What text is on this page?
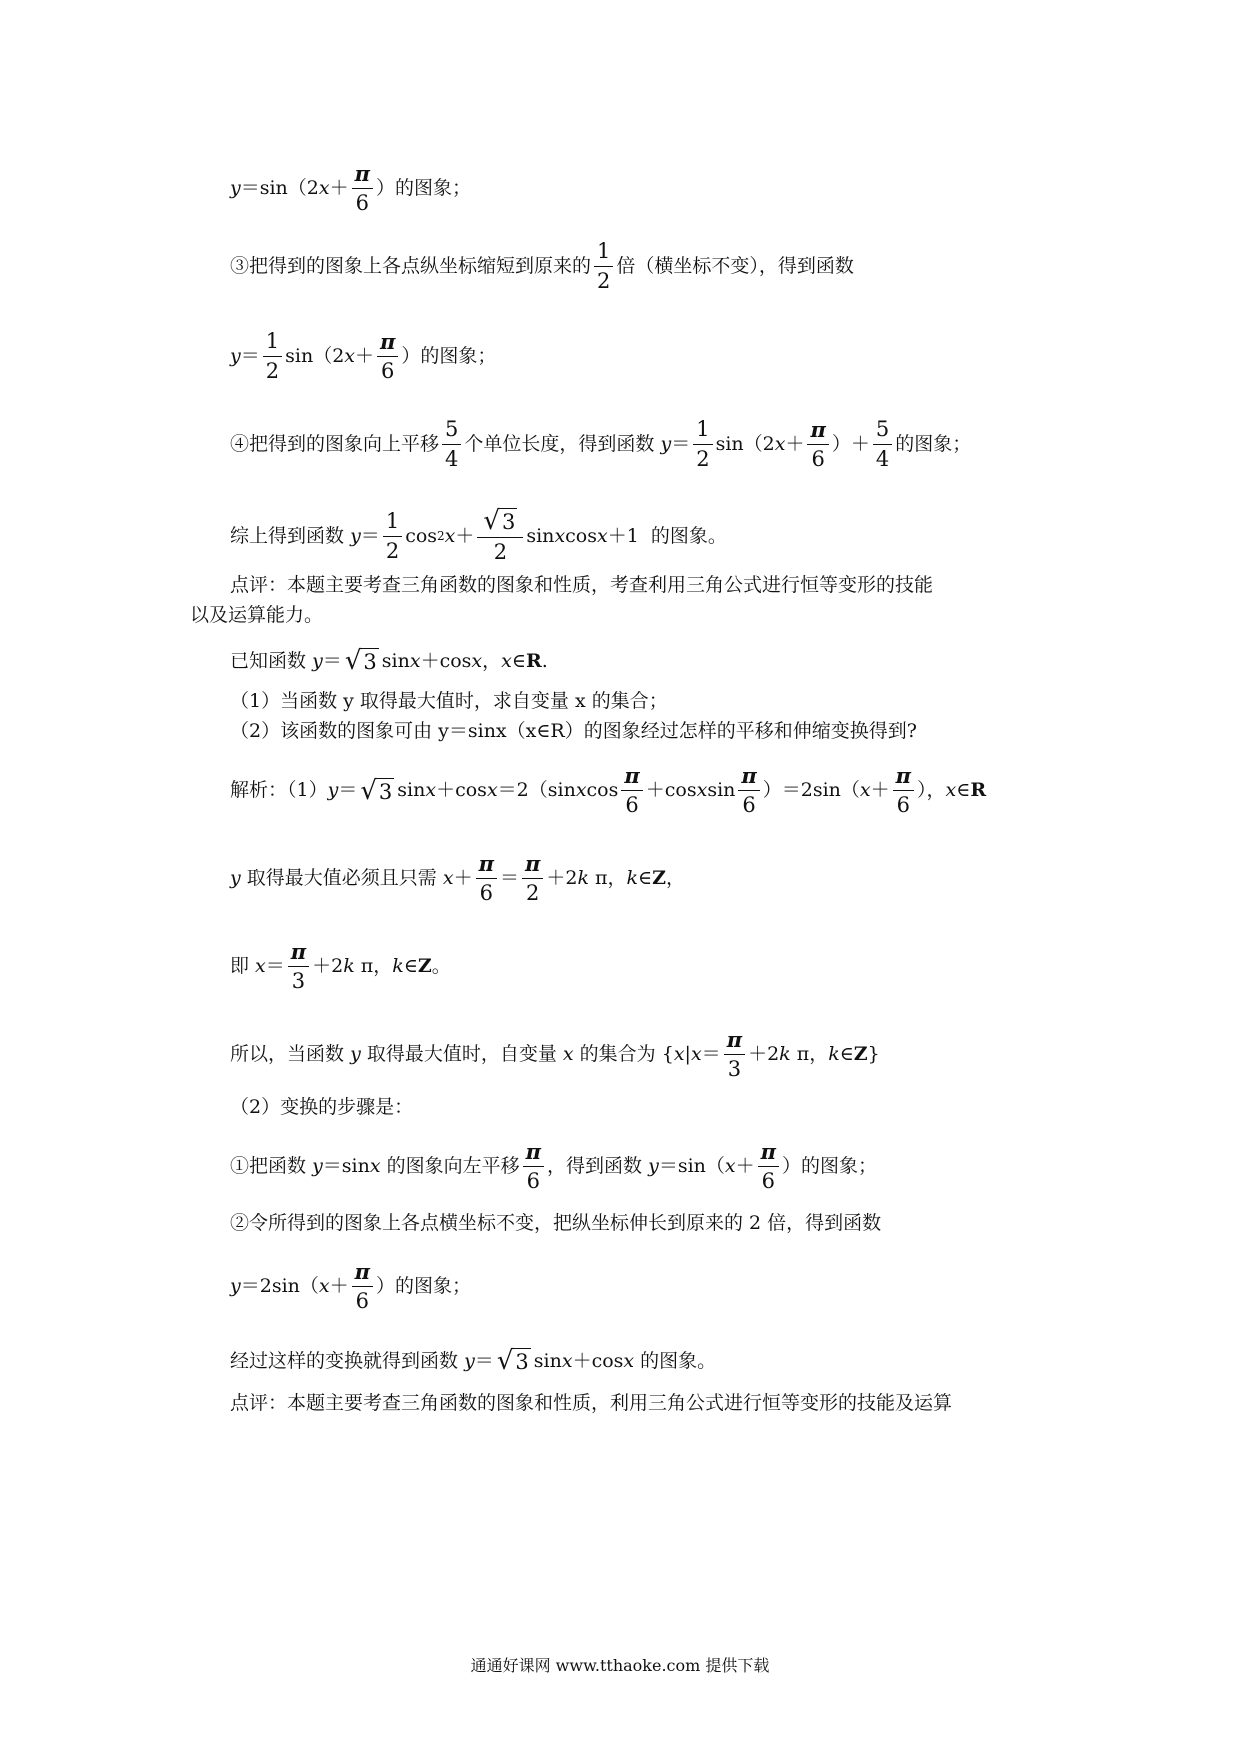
y ＝sin（2 $x + \frac{\pi}{6}$ ）的图象；
③把得到的图象上各点纵坐标缩短到原来的 $\frac{1}{2}$ 倍（横坐标不变），得到函数
$y = \frac{1}{2} \sin(2$ $x + \frac{\pi}{6}$ ）的图象；
④把得到的图象向上平移 $\frac{5}{4}$ 个单位长度，得到函数
$y = \frac{1}{2} \sin(2$ $x + \frac{\pi}{6}$ ）＋ $\frac{5}{4}$ 的图象；
综上得到函数
$y = \frac{1}{2}$ cos 2 $x + \frac{√ 3}{2}$ sin x cos x ＋1 的图象。
点评：本题主要考查三角函数的图象和性质，考查利用三角公式进行恒等变形的技能
以及运算能力。
已知函数
y ＝ √ 3 sin x ＋cos x ， x ∈ R .
（1）当函数 y 取得最大值时，求自变量 x 的集合；
（2）该函数的图象可由 y＝sinx（x∈R）的图象经过怎样的平移和伸缩变换得到?
解析：（1） y ＝ √ 3 sin x ＋cos x ＝2（sin x $\cos \frac{\pi}{6} +\cos$ x $\sin \frac{\pi}{6} )=2\sin$（ $x + \frac{\pi}{6}$ ）， x ∈ R
y
取得最大值必须且只需
$x + \frac{\pi}{6} = \frac{\pi}{2} +2$ k π， k ∈ Z ，
即 $x = \frac{\pi}{3} +2$ k π， k ∈ Z 。
所以，当函数
y
取得最大值时，自变量
x
的集合为 { x | $x = \frac{\pi}{3} +2$ k π， k ∈ Z }
（2）变换的步骤是：
①把函数
y ＝sin x
的图象向左平移 $\frac{\pi}{6}$ ，得到函数
y ＝sin（ $x + \frac{\pi}{6}$ ）的图象；
②令所得到的图象上各点横坐标不变，把纵坐标伸长到原来的 2 倍，得到函数
y ＝2sin（ $x + \frac{\pi}{6}$ ）的图象；
经过这样的变换就得到函数
y ＝ √ 3 sin x ＋cos x
的图象。
点评：本题主要考查三角函数的图象和性质，利用三角公式进行恒等变形的技能及运算
通通好课网 www.tthaoke.com 提供下载
